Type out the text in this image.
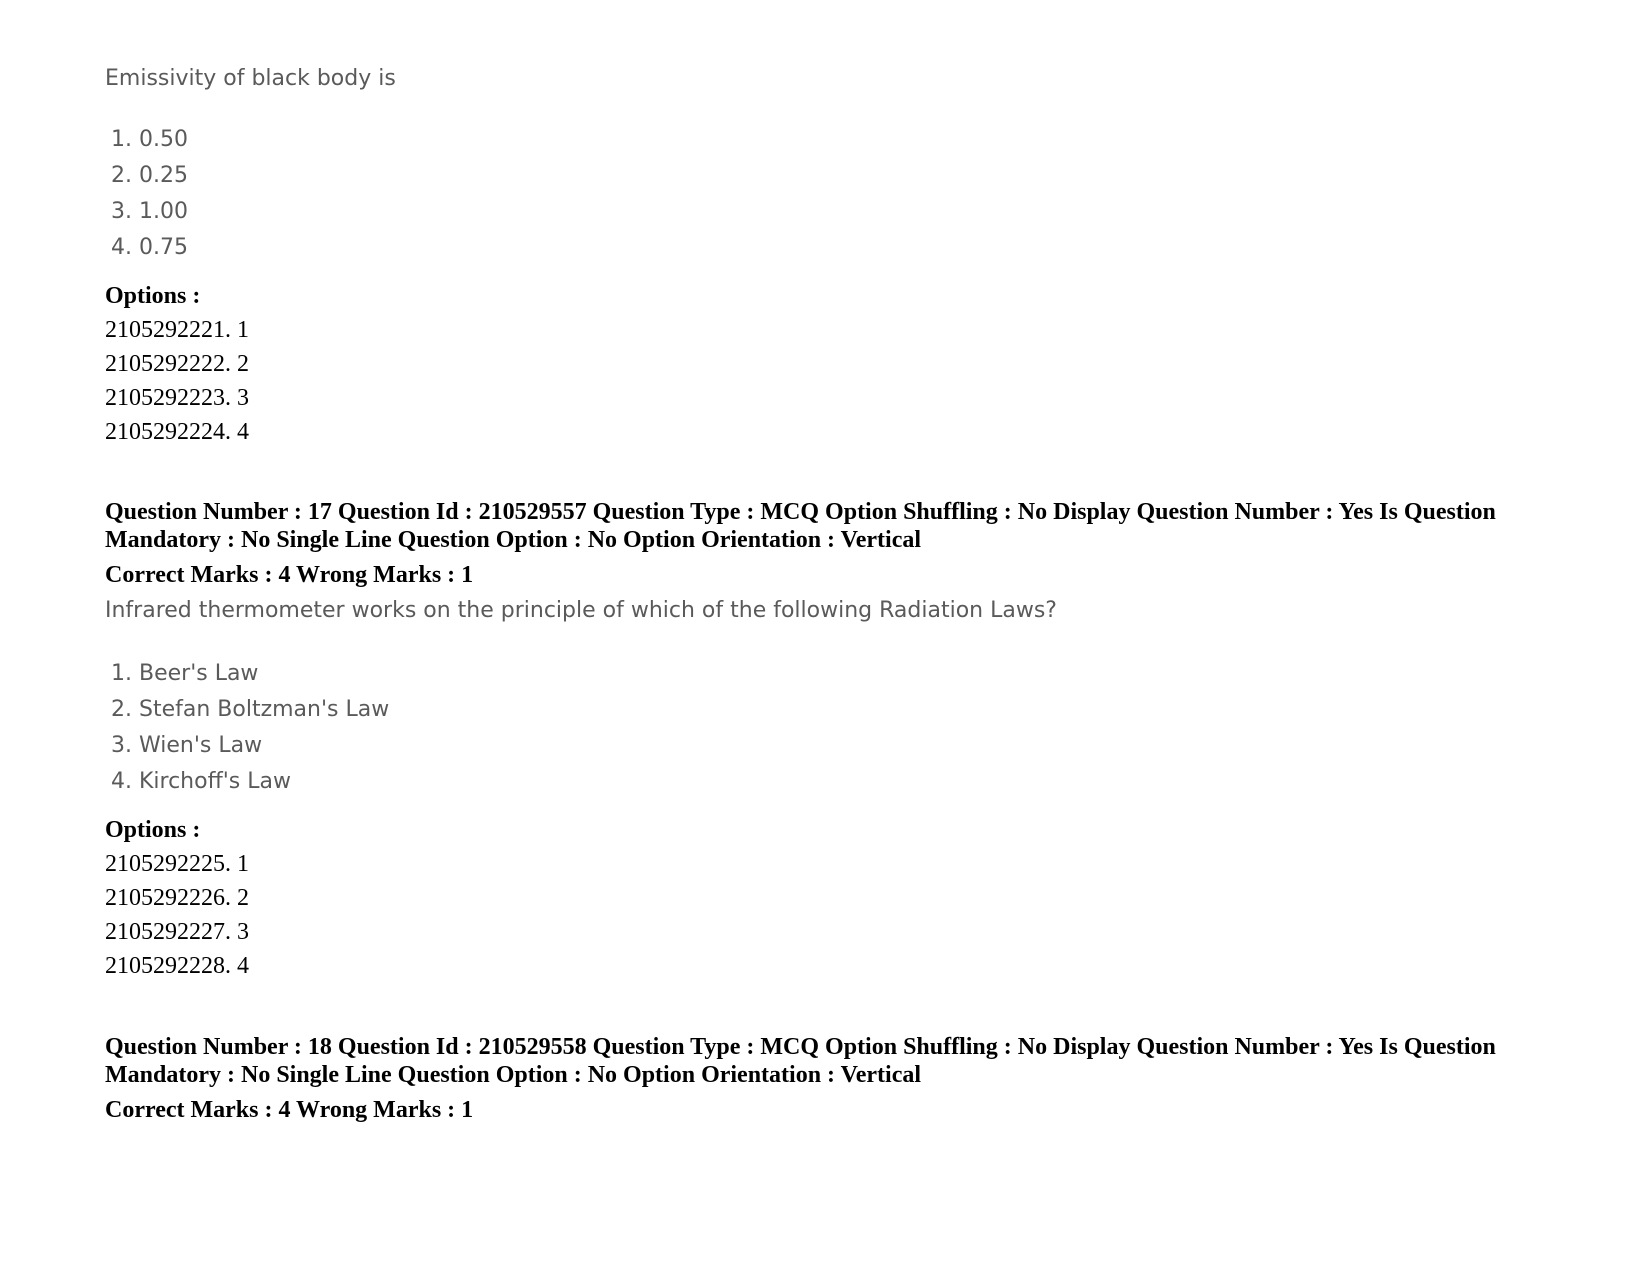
Emissivity of black body is
1. 0.50
2. 0.25
3. 1.00
4. 0.75
Options :
2105292221. 1
2105292222. 2
2105292223. 3
2105292224. 4
Question Number : 17 Question Id : 210529557 Question Type : MCQ Option Shuffling : No Display Question Number : Yes Is Question
Mandatory : No Single Line Question Option : No Option Orientation : Vertical
Correct Marks : 4 Wrong Marks : 1
Infrared thermometer works on the principle of which of the following Radiation Laws?
1. Beer's Law
2. Stefan Boltzman's Law
3. Wien's Law
4. Kirchoff's Law
Options :
2105292225. 1
2105292226. 2
2105292227. 3
2105292228. 4
Question Number : 18 Question Id : 210529558 Question Type : MCQ Option Shuffling : No Display Question Number : Yes Is Question
Mandatory : No Single Line Question Option : No Option Orientation : Vertical
Correct Marks : 4 Wrong Marks : 1
